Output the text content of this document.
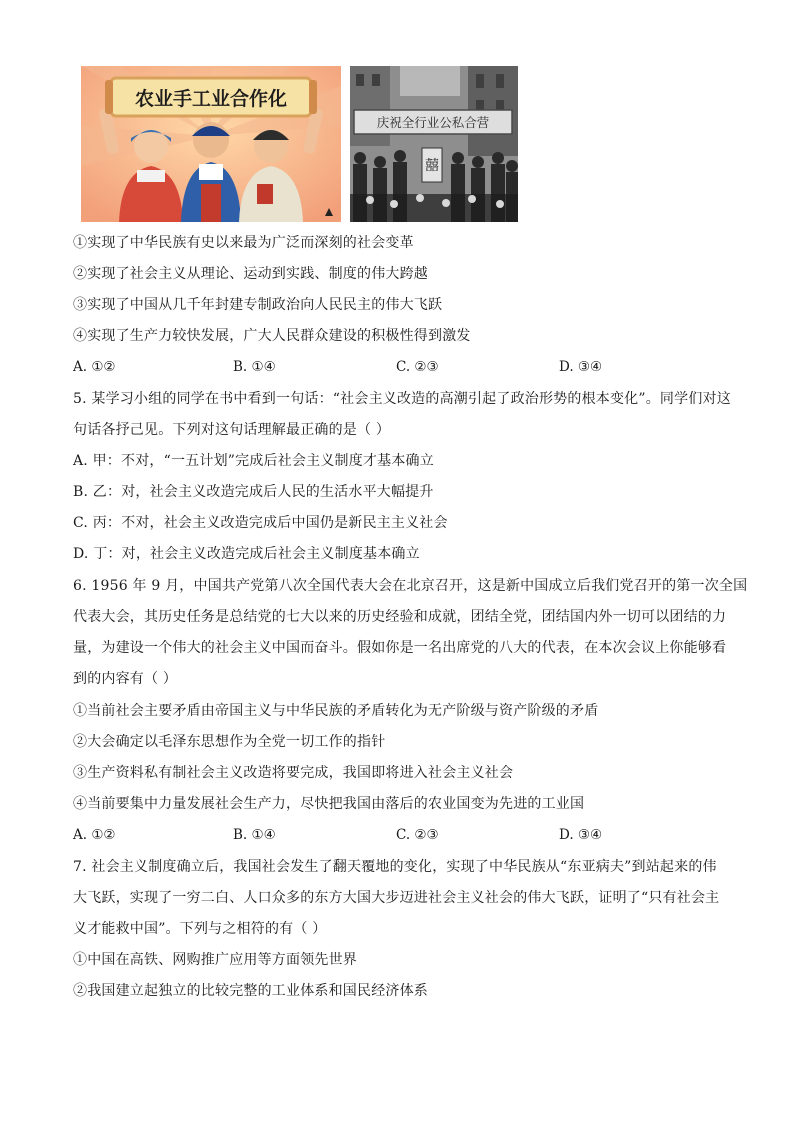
农业手工业合作化
庆祝全行业公私合营
囍
①实现了中华民族有史以来最为广泛而深刻的社会变革
②实现了社会主义从理论、运动到实践、制度的伟大跨越
③实现了中国从几千年封建专制政治向人民民主的伟大飞跃
④实现了生产力较快发展，广大人民群众建设的积极性得到激发
A. ①②	B. ①④	C. ②③	D. ③④
5. 某学习小组的同学在书中看到一句话：“社会主义改造的高潮引起了政治形势的根本变化”。同学们对这
句话各抒己见。下列对这句话理解最正确的是（ ）
A. 甲：不对，“一五计划”完成后社会主义制度才基本确立
B. 乙：对，社会主义改造完成后人民的生活水平大幅提升
C. 丙：不对，社会主义改造完成后中国仍是新民主主义社会
D. 丁：对，社会主义改造完成后社会主义制度基本确立
6. 1956 年 9 月，中国共产党第八次全国代表大会在北京召开，这是新中国成立后我们党召开的第一次全国
代表大会，其历史任务是总结党的七大以来的历史经验和成就，团结全党，团结国内外一切可以团结的力
量，为建设一个伟大的社会主义中国而奋斗。假如你是一名出席党的八大的代表，在本次会议上你能够看
到的内容有（ ）
①当前社会主要矛盾由帝国主义与中华民族的矛盾转化为无产阶级与资产阶级的矛盾
②大会确定以毛泽东思想作为全党一切工作的指针
③生产资料私有制社会主义改造将要完成，我国即将进入社会主义社会
④当前要集中力量发展社会生产力，尽快把我国由落后的农业国变为先进的工业国
A. ①②	B. ①④	C. ②③	D. ③④
7. 社会主义制度确立后，我国社会发生了翻天覆地的变化，实现了中华民族从“东亚病夫”到站起来的伟
大飞跃，实现了一穷二白、人口众多的东方大国大步迈进社会主义社会的伟大飞跃，证明了“只有社会主
义才能救中国”。下列与之相符的有（ ）
①中国在高铁、网购推广应用等方面领先世界
②我国建立起独立的比较完整的工业体系和国民经济体系
